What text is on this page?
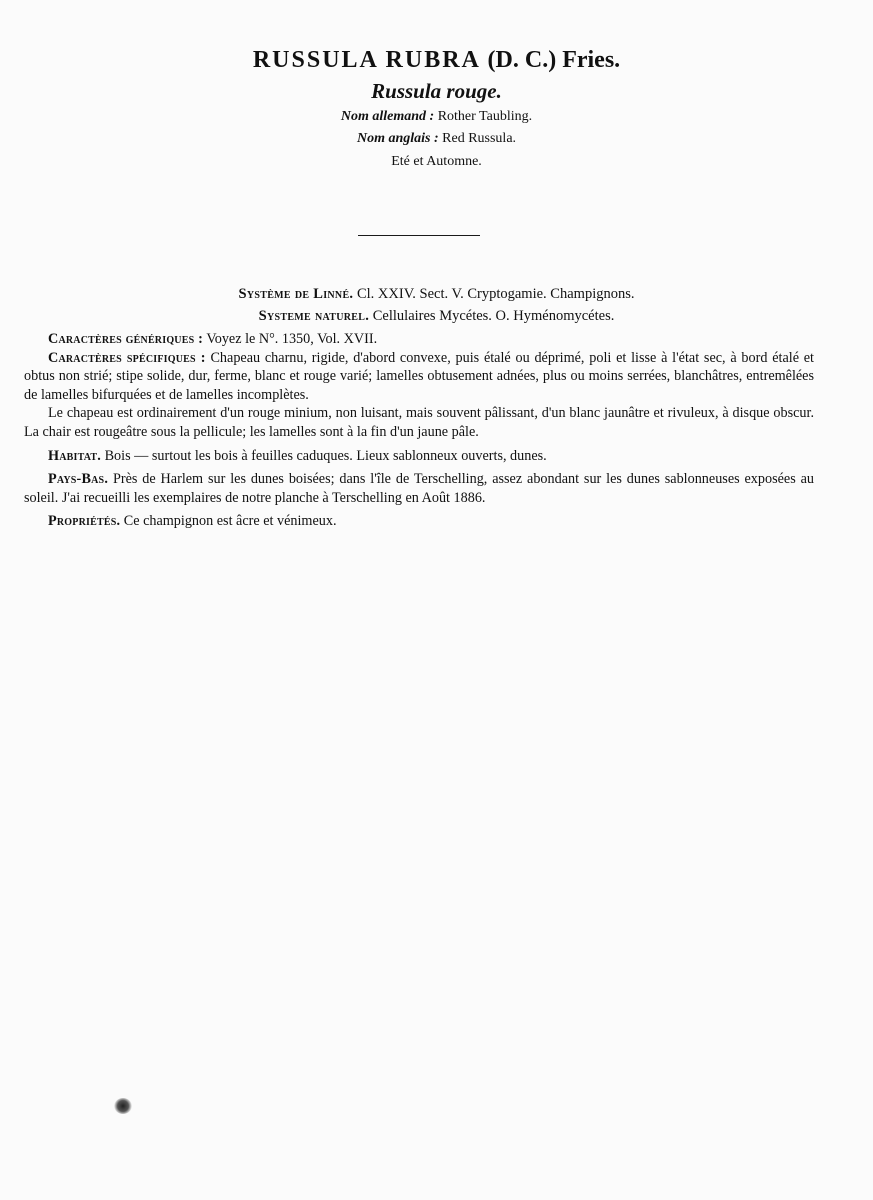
RUSSULA RUBRA (D. C.) Fries.

Russula rouge.

Nom allemand : Rother Taubling.

Nom anglais : Red Russula.

Eté et Automne.

Système de Linné. Cl. XXIV. Sect. V. Cryptogamie. Champignons.
Systeme naturel. Cellulaires Mycétes. O. Hyménomycétes.

Caractères génériques : Voyez le N°. 1350, Vol. XVII.

Caractères spécifiques : Chapeau charnu, rigide, d'abord convexe, puis étalé ou déprimé, poli et lisse à l'état sec, à bord étalé et obtus non strié; stipe solide, dur, ferme, blanc et rouge varié; lamelles obtusement adnées, plus ou moins serrées, blanchâtres, entremêlées de lamelles bifurquées et de lamelles incomplètes.

Le chapeau est ordinairement d'un rouge minium, non luisant, mais souvent pâlissant, d'un blanc jaunâtre et rivuleux, à disque obscur. La chair est rougeâtre sous la pellicule; les lamelles sont à la fin d'un jaune pâle.

Habitat. Bois — surtout les bois à feuilles caduques. Lieux sablonneux ouverts, dunes.

Pays-Bas. Près de Harlem sur les dunes boisées; dans l'île de Terschelling, assez abondant sur les dunes sablonneuses exposées au soleil. J'ai recueilli les exemplaires de notre planche à Terschelling en Août 1886.

Propriétés. Ce champignon est âcre et vénimeux.
